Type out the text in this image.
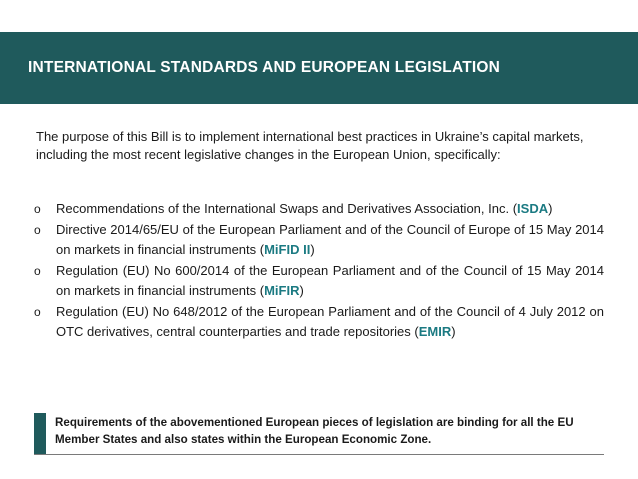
INTERNATIONAL STANDARDS AND EUROPEAN LEGISLATION
The purpose of this Bill is to implement international best practices in Ukraine’s capital markets, including the most recent legislative changes in the European Union, specifically:
o Recommendations of the International Swaps and Derivatives Association, Inc. (ISDA)
o Directive 2014/65/EU of the European Parliament and of the Council of Europe of 15 May 2014 on markets in financial instruments (MiFID II)
o Regulation (EU) No 600/2014 of the European Parliament and of the Council of 15 May 2014 on markets in financial instruments (MiFIR)
o Regulation (EU) No 648/2012 of the European Parliament and of the Council of 4 July 2012 on OTC derivatives, central counterparties and trade repositories (EMIR)
Requirements of the abovementioned European pieces of legislation are binding for all the EU Member States and also states within the European Economic Zone.
